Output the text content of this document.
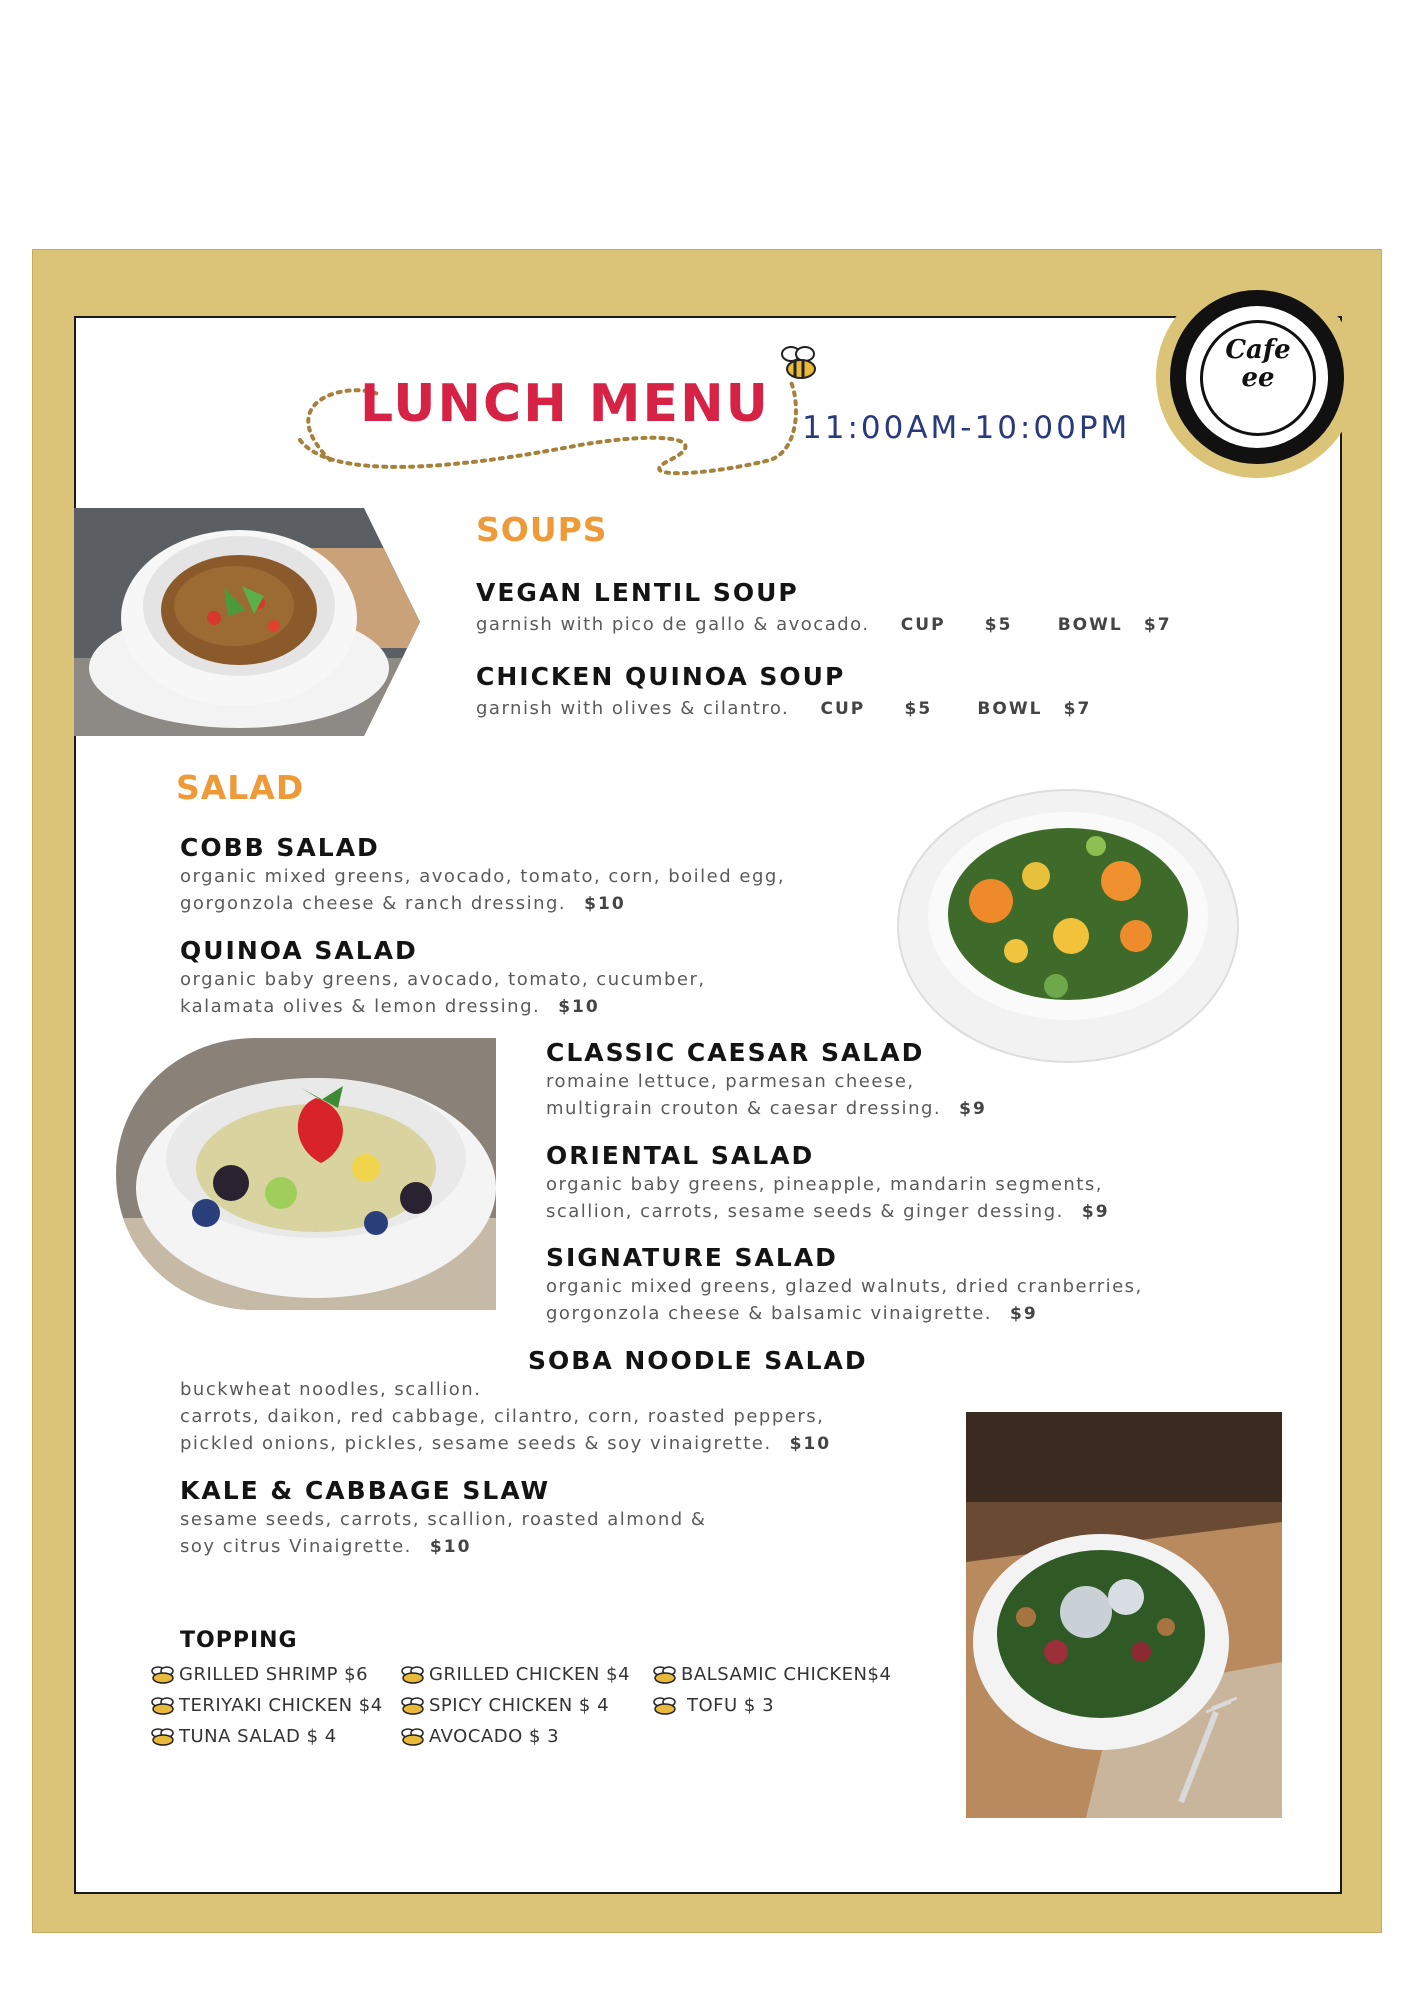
Cafe ee
LUNCH MENU 11:00AM-10:00PM
SOUPS
VEGAN LENTIL SOUP
garnish with pico de gallo & avocado. CUP $5	BOWL $7
CHICKEN QUINOA SOUP
garnish with olives & cilantro. CUP $5	BOWL $7
SALAD
COBB SALAD
organic mixed greens, avocado, tomato, corn, boiled egg,
gorgonzola cheese & ranch dressing. $10
QUINOA SALAD
organic baby greens, avocado, tomato, cucumber,
kalamata olives & lemon dressing. $10
CLASSIC CAESAR SALAD
romaine lettuce, parmesan cheese,
multigrain crouton & caesar dressing. $9
ORIENTAL SALAD
organic baby greens, pineapple, mandarin segments,
scallion, carrots, sesame seeds & ginger dessing. $9
SIGNATURE SALAD
organic mixed greens, glazed walnuts, dried cranberries,
gorgonzola cheese & balsamic vinaigrette. $9
SOBA NOODLE SALAD
buckwheat noodles, scallion.
carrots, daikon, red cabbage, cilantro, corn, roasted peppers,
pickled onions, pickles, sesame seeds & soy vinaigrette. $10
KALE & CABBAGE SLAW
sesame seeds, carrots, scallion, roasted almond &
soy citrus Vinaigrette. $10
TOPPING
GRILLED SHRIMP $6	GRILLED CHICKEN $4	BALSAMIC CHICKEN$4
TERIYAKI CHICKEN $4	SPICY CHICKEN $ 4	TOFU $ 3
TUNA SALAD $ 4	AVOCADO $ 3
